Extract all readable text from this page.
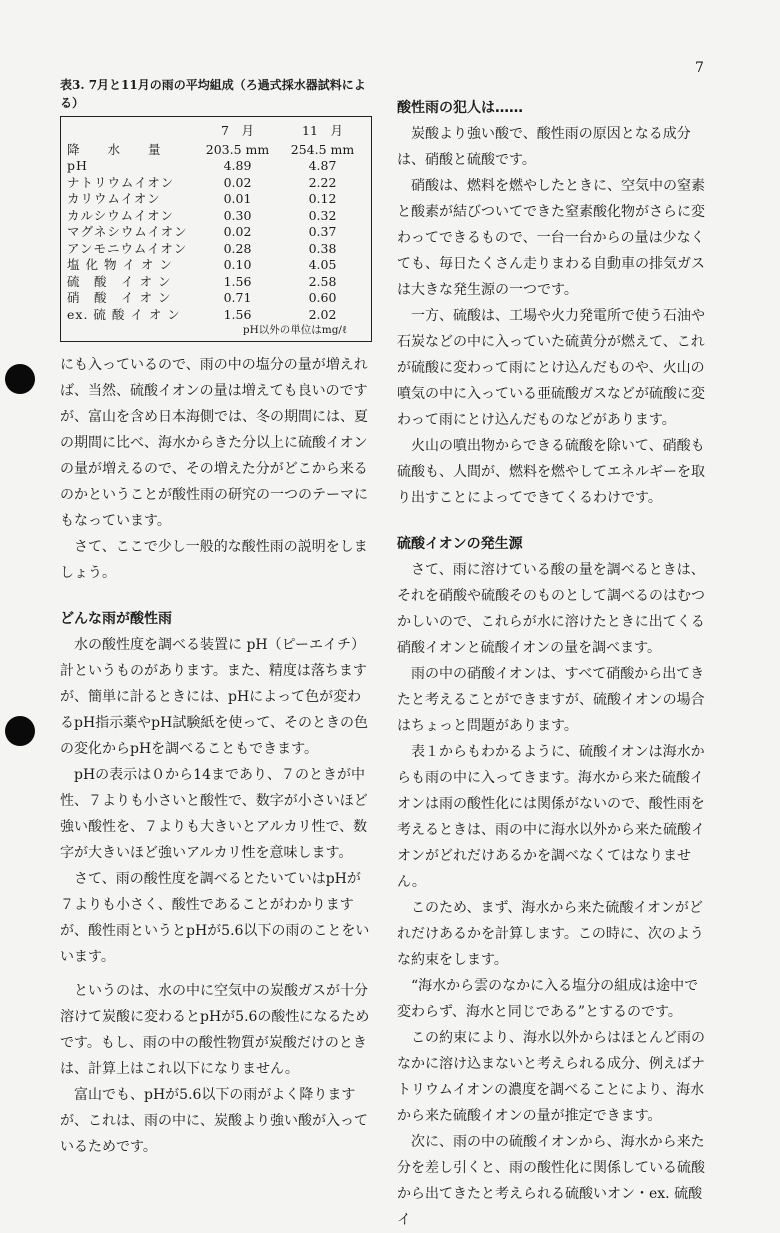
7
表3. 7月と11月の雨の平均組成（ろ過式採水器試料による）
	7　月	11　月
降　　水　　量	203.5 mm	254.5 mm
pH	4.89	4.87
ナトリウムイオン	0.02	2.22
カリウムイオン	0.01	0.12
カルシウムイオン	0.30	0.32
マグネシウムイオン	0.02	0.37
アンモニウムイオン	0.28	0.38
塩 化 物 イ オ ン	0.10	4.05
硫　酸　イ オ ン	1.56	2.58
硝　酸　イ オ ン	0.71	0.60
ex. 硫 酸 イ オ ン	1.56	2.02
pH以外の単位はmg/ℓ

にも入っているので、雨の中の塩分の量が増えれば、当然、硫酸イオンの量は増えても良いのですが、富山を含め日本海側では、冬の期間には、夏の期間に比べ、海水からきた分以上に硫酸イオンの量が増えるので、その増えた分がどこから来るのかということが酸性雨の研究の一つのテーマにもなっています。

さて、ここで少し一般的な酸性雨の説明をしましょう。

どんな雨が酸性雨

水の酸性度を調べる装置に pH（ピーエイチ）計というものがあります。また、精度は落ちますが、簡単に計るときには、pHによって色が変わるpH指示薬やpH試験紙を使って、そのときの色の変化からpHを調べることもできます。

pHの表示は０から14まであり、７のときが中性、７よりも小さいと酸性で、数字が小さいほど強い酸性を、７よりも大きいとアルカリ性で、数字が大きいほど強いアルカリ性を意味します。

さて、雨の酸性度を調べるとたいていはpHが７よりも小さく、酸性であることがわかりますが、酸性雨というとpHが5.6以下の雨のことをいいます。

というのは、水の中に空気中の炭酸ガスが十分溶けて炭酸に変わるとpHが5.6の酸性になるためです。もし、雨の中の酸性物質が炭酸だけのときは、計算上はこれ以下になりません。

富山でも、pHが5.6以下の雨がよく降りますが、これは、雨の中に、炭酸より強い酸が入っているためです。

酸性雨の犯人は……

炭酸より強い酸で、酸性雨の原因となる成分は、硝酸と硫酸です。

硝酸は、燃料を燃やしたときに、空気中の窒素と酸素が結びついてできた窒素酸化物がさらに変わってできるもので、一台一台からの量は少なくても、毎日たくさん走りまわる自動車の排気ガスは大きな発生源の一つです。

一方、硫酸は、工場や火力発電所で使う石油や石炭などの中に入っていた硫黄分が燃えて、これが硫酸に変わって雨にとけ込んだものや、火山の噴気の中に入っている亜硫酸ガスなどが硫酸に変わって雨にとけ込んだものなどがあります。

火山の噴出物からできる硫酸を除いて、硝酸も硫酸も、人間が、燃料を燃やしてエネルギーを取り出すことによってできてくるわけです。

硫酸イオンの発生源

さて、雨に溶けている酸の量を調べるときは、それを硝酸や硫酸そのものとして調べるのはむつかしいので、これらが水に溶けたときに出てくる硝酸イオンと硫酸イオンの量を調べます。

雨の中の硝酸イオンは、すべて硝酸から出てきたと考えることができますが、硫酸イオンの場合はちょっと問題があります。

表１からもわかるように、硫酸イオンは海水からも雨の中に入ってきます。海水から来た硫酸イオンは雨の酸性化には関係がないので、酸性雨を考えるときは、雨の中に海水以外から来た硫酸イオンがどれだけあるかを調べなくてはなりません。

このため、まず、海水から来た硫酸イオンがどれだけあるかを計算します。この時に、次のような約束をします。

“海水から雲のなかに入る塩分の組成は途中で変わらず、海水と同じである”とするのです。

この約束により、海水以外からはほとんど雨のなかに溶け込まないと考えられる成分、例えばナトリウムイオンの濃度を調べることにより、海水から来た硫酸イオンの量が推定できます。

次に、雨の中の硫酸イオンから、海水から来た分を差し引くと、雨の酸性化に関係している硫酸から出てきたと考えられる硫酸いオン・ex. 硫酸イ
